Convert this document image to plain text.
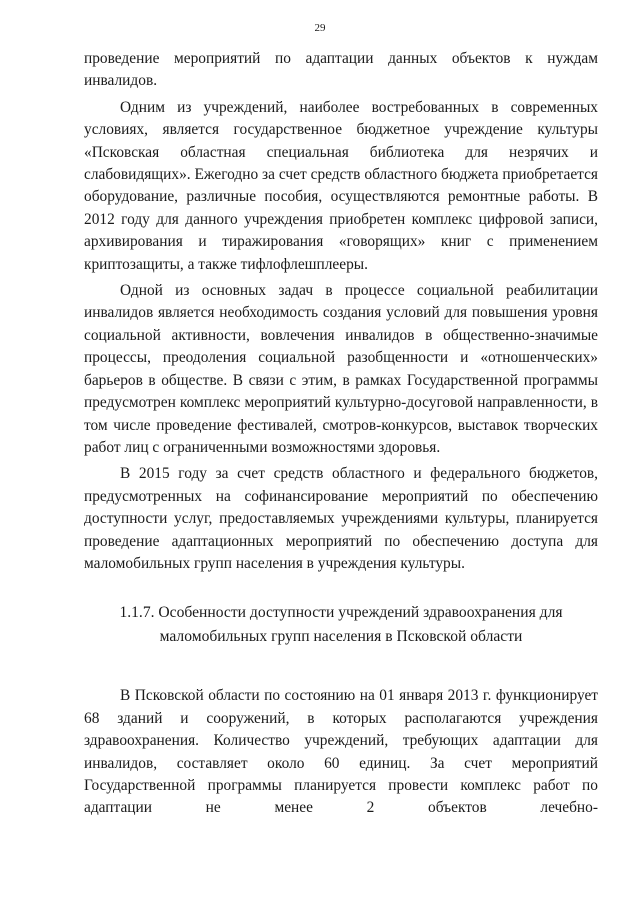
29

проведение мероприятий по адаптации данных объектов к нуждам инвалидов.

Одним из учреждений, наиболее востребованных в современных условиях, является государственное бюджетное учреждение культуры «Псковская областная специальная библиотека для незрячих и слабовидящих». Ежегодно за счет средств областного бюджета приобретается оборудование, различные пособия, осуществляются ремонтные работы. В 2012 году для данного учреждения приобретен комплекс цифровой записи, архивирования и тиражирования «говорящих» книг с применением криптозащиты, а также тифлофлешплееры.

Одной из основных задач в процессе социальной реабилитации инвалидов является необходимость создания условий для повышения уровня социальной активности, вовлечения инвалидов в общественно-значимые процессы, преодоления социальной разобщенности и «отношенческих» барьеров в обществе. В связи с этим, в рамках Государственной программы предусмотрен комплекс мероприятий культурно-досуговой направленности, в том числе проведение фестивалей, смотров-конкурсов, выставок творческих работ лиц с ограниченными возможностями здоровья.

В 2015 году за счет средств областного и федерального бюджетов, предусмотренных на софинансирование мероприятий по обеспечению доступности услуг, предоставляемых учреждениями культуры, планируется проведение адаптационных мероприятий по обеспечению доступа для маломобильных групп населения в учреждения культуры.

1.1.7. Особенности доступности учреждений здравоохранения для
маломобильных групп населения в Псковской области

В Псковской области по состоянию на 01 января 2013 г. функционирует 68 зданий и сооружений, в которых располагаются учреждения здравоохранения. Количество учреждений, требующих адаптации для инвалидов, составляет около 60 единиц. За счет мероприятий Государственной программы планируется провести комплекс работ по адаптации не менее 2 объектов лечебно-
